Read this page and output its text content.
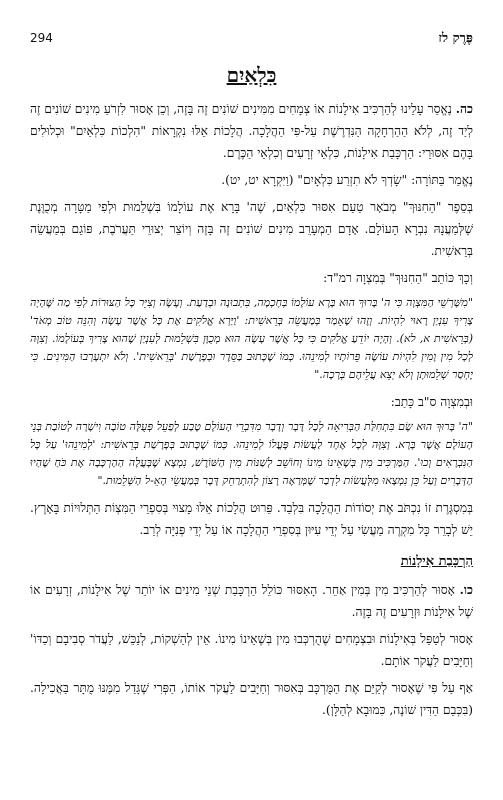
פֶּרֶק לז
294
כִּלְאַיִם

כה. נֶאֱסַר עָלֵינוּ לְהַרְכִּיב אִילָנוֹת אוֹ צְמָחִים מִמִּינִים שׁוֹנִים זֶה בָּזֶה, וְכֵן אָסוּר לִזְרֹעַ מִינִים שׁוֹנִים זֶה לְיַד זֶה, לְלֹא הַהַרְחָקָה הַנִּדְרֶשֶׁת עַל-פִּי הַהֲלָכָה. הֲלָכוֹת אֵלּוּ נִקְרָאוֹת "הִלְכוֹת כִּלְאַיִם" וּכְלוּלִים בָּהֶם אִסּוּרֵי: הַרְכָּבַת אִילָנוֹת, כִּלְאֵי זְרָעִים וְכִלְאֵי הַכֶּרֶם.

נֶאֱמַר בַּתּוֹרָה: "שָׂדְךָ לֹא תִזְרַע כִּלְאָיִם" (וַיִּקְרָא יט, יט).

בְּסֵפֶר "הַחִנּוּךְ" מְבֹאָר טַעַם אִסּוּר כִּלְאַיִם, שֶׁה' בָּרָא אֶת עוֹלָמוֹ בִּשְׁלֵמוּת וּלְפִי מַטָּרָה מְכֻוֶּנֶת שֶׁלְּמַעֲנָהּ נִבְרָא הָעוֹלָם. אָדָם הַמְעָרֵב מִינִים שׁוֹנִים זֶה בָּזֶה וְיוֹצֵר יְצוּרֵי תַּעֲרֹבֶת, פּוֹגֵם בְּמַעֲשֵׂה בְּרֵאשִׁית.

וְכָךְ כּוֹתֵב "הַחִנּוּךְ" בְּמִצְוָה רמ"ד:

"מִשָּׁרְשֵׁי הַמִּצְוָה כִּי ה' בָּרוּךְ הוּא בָּרָא עוֹלָמוֹ בְּחָכְמָה, בִּתְבוּנָה וּבְדַעַת. וְעָשָׂה וְצִיֵּר כָּל הַצּוּרוֹת לְפִי מַה שֶּׁהָיָה צָרִיךְ עִנְיַן רָאוּי לִהְיוֹת. וְזֶהוּ שֶׁאָמַר בְּמַעֲשֵׂה בְּרֵאשִׁית: 'וַיַּרְא אֱלֹקִים אֶת כָּל אֲשֶׁר עָשָׂה וְהִנֵּה טוֹב מְאֹד' (בְּרֵאשִׁית א, לא). וְהָיָה יוֹדֵעַ אֱלֹקִים כִּי כָּל אֲשֶׁר עָשָׂה הוּא מְכֻוָּן בִּשְׁלֵמוּת לְעִנְיַן שֶׁהוּא צָרִיךְ בְּעוֹלָמוֹ. וְצִוָּה לְכָל מִין וָמִין לִהְיוֹת עוֹשֶׂה פֵּרוֹתָיו לְמִינֵהוּ. כְּמוֹ שֶׁכָּתוּב בַּסֵּדֶר וּבְפָרָשַׁת 'בְּרֵאשִׁית'. וְלֹא יִתְעָרְבוּ הַמִּינִים. כִּי יֶחְסַר שְׁלֵמוּתָן וְלֹא יְצֵא עֲלֵיהֶם בְּרָכָה."

וּבְמִצְוָה ס"ב כָּתַב:

"ה' בָּרוּךְ הוּא שָׂם בִּתְחִלַּת הַבְּרִיאָה לְכָל דָּבָר וְדָבָר מִדִּבְרֵי הָעוֹלָם טֶבַע לְפַעֵל פְּעֻלָּה טוֹבָה וִישָׁרָה לְטוֹבַת בְּנֵי הָעוֹלָם אֲשֶׁר בָּרָא. וְצִוָּה לְכָל אֶחָד לַעֲשׂוֹת פָּעֳלוֹ לְמִינֵהוּ. כְּמוֹ שֶׁכָּתוּב בְּפָרָשַׁת בְּרֵאשִׁית: 'לְמִינֵהוּ' עַל כָּל הַנִּבְרָאִים וְכוּ'. הַמַּרְכִּיב מִין בְּשֶׁאֵינוֹ מִינוֹ וְחוֹשֵׁב לְשַׁנּוֹת מִין הַשּׁוֹרֶשׁ, נִמְצָא שֶׁבָּעֲלָה הַהַרְכָּבָה אֶת כֹּחַ שֶׁהַיוּ הַדְּבָרִים וְעַל כֵּן נִמְצָאוּ מִלְּעֲשׂוֹת לִדְבַר שֶׁמְּרַאֶה רָצוֹן לְהִתְרַחֵק דָּבָר בְּמַעֲשֵׂי הָאֵ-ל הַשְּׁלֵמוּת."

בְּמִסְגֶּרֶת זוֹ נִכְתֹּב אֶת יְסוֹדוֹת הַהֲלָכָה בִּלְבַד. פֵּרוּט הֲלָכוֹת אֵלּוּ מָצוּי בְּסִפְרֵי הַמִּצְוֹת הַתְּלוּיוֹת בָּאָרֶץ. יֵשׁ לְבָרֵר כָּל מִקְרֶה מַעֲשִׂי עַל יְדֵי עִיּוּן בְּסִפְרֵי הַהֲלָכָה אוֹ עַל יְדֵי פְּנִיָּה לְרַב.

הַרְכָּבַת אִילָנוֹת

כו. אָסוּר לְהַרְכִּיב מִין בְּמִין אַחֵר. הָאִסּוּר כּוֹלֵל הַרְכָּבַת שְׁנֵי מִינִים אוֹ יוֹתֵר שֶׁל אִילָנוֹת, זְרָעִים אוֹ שֶׁל אִילָנוֹת וּזְרָעִים זֶה בָּזֶה.

אָסוּר לְטַפֵּל בְּאִילָנוֹת וּבִצְמָחִים שֶׁהֻרְכְּבוּ מִין בְּשֶׁאֵינוֹ מִינוֹ. אֵין לְהַשְׁקוֹת, לְנַכֵּשׁ, לַעֲדֹר סְבִיבָם וְכַדּוֹ' וְחַיָּבִים לַעֲקֹר אוֹתָם.

אַף עַל פִּי שֶׁאָסוּר לְקַיֵּם אֶת הַמֻּרְכָּב בְּאִסּוּר וְחַיָּבִים לַעֲקֹר אוֹתוֹ, הַפְּרִי שֶׁגָּדַל מִמֶּנּוּ מֻתָּר בַּאֲכִילָה. (בִּכְּבֵם הַדִּין שׁוֹנֶה, כִּמוּבָא לְהַלָּן).
